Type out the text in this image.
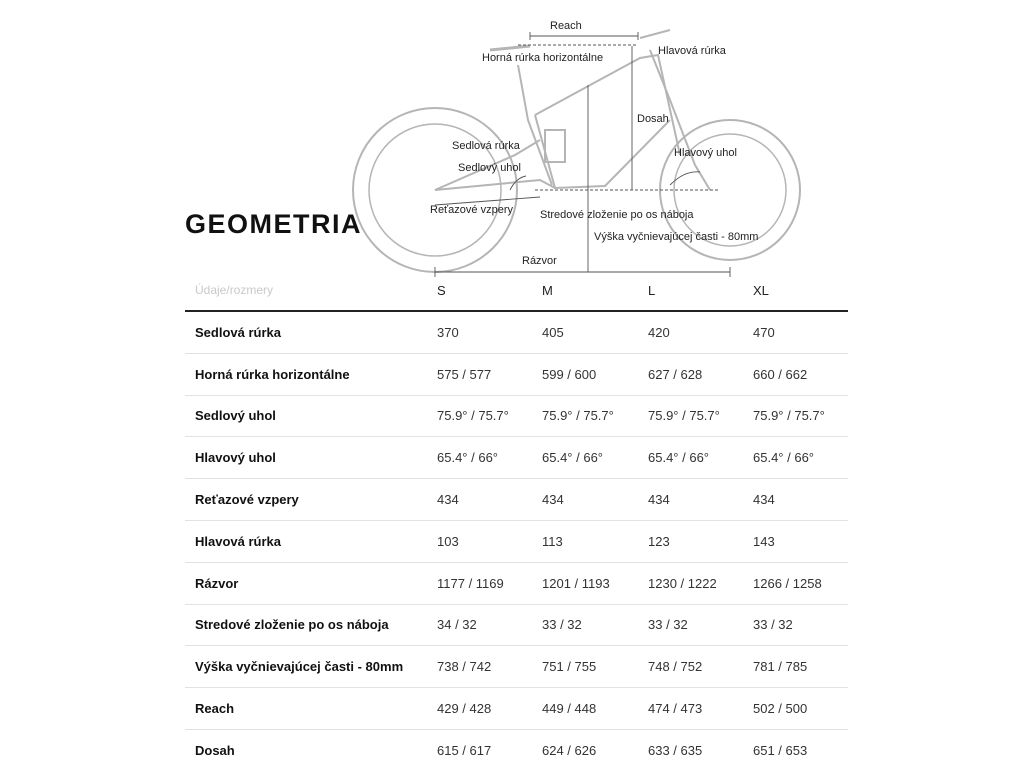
Reach
Horná rúrka horizontálne
Hlavová rúrka
Dosah
Sedlová rúrka
Hlavový uhol
Sedlový uhol
Reťazové vzpery Stredové zloženie po os náboja
Výška vyčnievajúcej časti - 80mm
Rázvor
GEOMETRIA
Údaje/rozmery	S	M	L	XL
Sedlová rúrka	370	405	420	470
Horná rúrka horizontálne	575 / 577	599 / 600	627 / 628	660 / 662
Sedlový uhol	75.9° / 75.7°	75.9° / 75.7°	75.9° / 75.7°	75.9° / 75.7°
Hlavový uhol	65.4° / 66°	65.4° / 66°	65.4° / 66°	65.4° / 66°
Reťazové vzpery	434	434	434	434
Hlavová rúrka	103	113	123	143
Rázvor	1177 / 1169	1201 / 1193	1230 / 1222	1266 / 1258
Stredové zloženie po os náboja	34 / 32	33 / 32	33 / 32	33 / 32
Výška vyčnievajúcej časti - 80mm	738 / 742	751 / 755	748 / 752	781 / 785
Reach	429 / 428	449 / 448	474 / 473	502 / 500
Dosah	615 / 617	624 / 626	633 / 635	651 / 653
